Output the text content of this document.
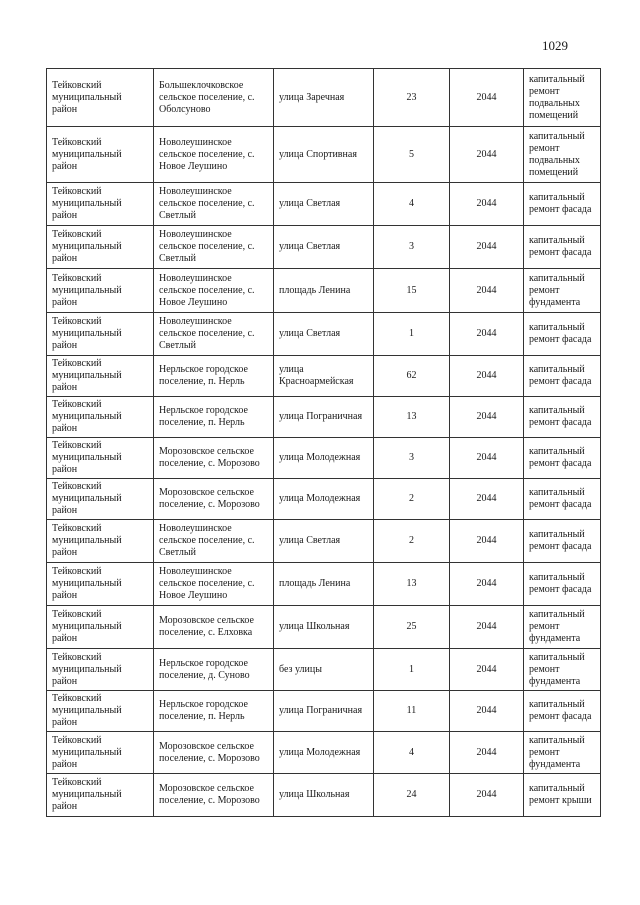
1029
Тейковский муниципальный район	Большеклочковское сельское поселение, с. Оболсуново	улица Заречная	23	2044	капитальный ремонт подвальных помещений
Тейковский муниципальный район	Новолеушинское сельское поселение, с. Новое Леушино	улица Спортивная	5	2044	капитальный ремонт подвальных помещений
Тейковский муниципальный район	Новолеушинское сельское поселение, с. Светлый	улица Светлая	4	2044	капитальный ремонт фасада
Тейковский муниципальный район	Новолеушинское сельское поселение, с. Светлый	улица Светлая	3	2044	капитальный ремонт фасада
Тейковский муниципальный район	Новолеушинское сельское поселение, с. Новое Леушино	площадь Ленина	15	2044	капитальный ремонт фундамента
Тейковский муниципальный район	Новолеушинское сельское поселение, с. Светлый	улица Светлая	1	2044	капитальный ремонт фасада
Тейковский муниципальный район	Нерльское городское поселение, п. Нерль	улица Красноармейская	62	2044	капитальный ремонт фасада
Тейковский муниципальный район	Нерльское городское поселение, п. Нерль	улица Пограничная	13	2044	капитальный ремонт фасада
Тейковский муниципальный район	Морозовское сельское поселение, с. Морозово	улица Молодежная	3	2044	капитальный ремонт фасада
Тейковский муниципальный район	Морозовское сельское поселение, с. Морозово	улица Молодежная	2	2044	капитальный ремонт фасада
Тейковский муниципальный район	Новолеушинское сельское поселение, с. Светлый	улица Светлая	2	2044	капитальный ремонт фасада
Тейковский муниципальный район	Новолеушинское сельское поселение, с. Новое Леушино	площадь Ленина	13	2044	капитальный ремонт фасада
Тейковский муниципальный район	Морозовское сельское поселение, с. Елховка	улица Школьная	25	2044	капитальный ремонт фундамента
Тейковский муниципальный район	Нерльское городское поселение, д. Суново	без улицы	1	2044	капитальный ремонт фундамента
Тейковский муниципальный район	Нерльское городское поселение, п. Нерль	улица Пограничная	11	2044	капитальный ремонт фасада
Тейковский муниципальный район	Морозовское сельское поселение, с. Морозово	улица Молодежная	4	2044	капитальный ремонт фундамента
Тейковский муниципальный район	Морозовское сельское поселение, с. Морозово	улица Школьная	24	2044	капитальный ремонт крыши
